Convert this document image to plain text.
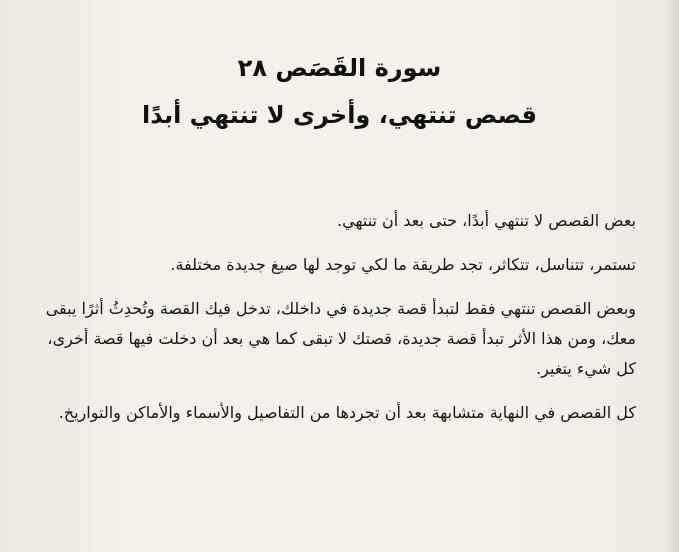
سورة القَصَص ٢٨
قصص تنتهي، وأخرى لا تنتهي أبدًا

بعض القصص لا تنتهي أبدًا، حتى بعد أن تنتهي.

تستمر، تتناسل، تتكاثر، تجد طريقة ما لكي توجد لها صيغ جديدة مختلفة.

وبعض القصص تنتهي فقط لتبدأ قصة جديدة في داخلك، تدخل فيك القصة وتُحدِثُ أثرًا يبقى معك، ومن هذا الأثر تبدأ قصة جديدة، قصتك لا تبقى كما هي بعد أن دخلت فيها قصة أخرى، كل شيء يتغير.

كل القصص في النهاية متشابهة بعد أن تجردها من التفاصيل والأسماء والأماكن والتواريخ.
